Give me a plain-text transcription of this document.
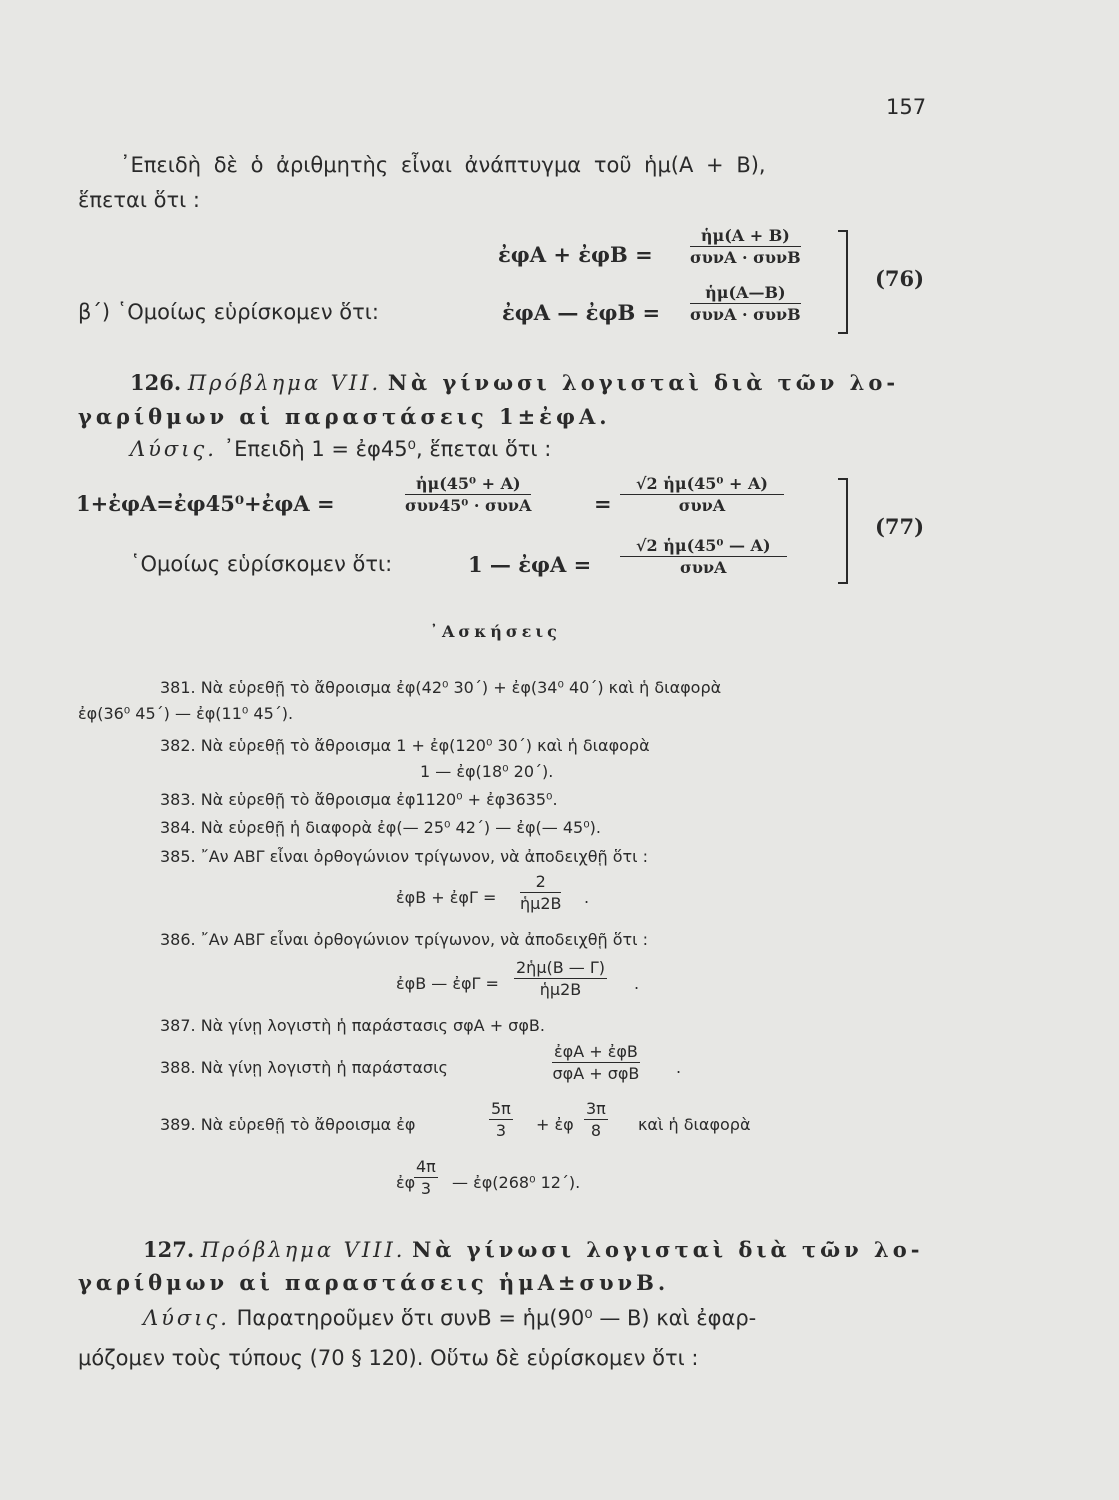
157
᾿Επειδὴ δὲ ὁ ἀριθμητὴς εἶναι ἀνάπτυγμα τοῦ ἡμ(Α + Β),
ἕπεται ὅτι :
ἐφΑ + ἐφΒ =
ἡμ(Α + Β)
συνΑ · συνΒ
β΄) ῾Ομοίως εὑρίσκομεν ὅτι:	ἐφΑ — ἐφΒ =
ἡμ(Α—Β)
συνΑ · συνΒ
(76)
126. Πρόβλημα VII. Νὰ γίνωσι λογισταὶ διὰ τῶν λο-
γαρίθμων αἱ παραστάσεις 1±ἐφΑ.
Λύσις. ᾿Επειδὴ 1 = ἐφ45⁰, ἕπεται ὅτι :
1+ἐφΑ=ἐφ45⁰+ἐφΑ =
ἡμ(45⁰ + Α)
συν45⁰ · συνΑ	=
√2 ἡμ(45⁰ + Α)
συνΑ
῾Ομοίως εὑρίσκομεν ὅτι:	1 — ἐφΑ =
√2 ἡμ(45⁰ — Α)
συνΑ
(77)
᾿Ασκήσεις
381. Νὰ εὑρεθῇ τὸ ἄθροισμα ἐφ(42⁰ 30΄) + ἐφ(34⁰ 40΄) καὶ ἡ διαφορὰ
ἐφ(36⁰ 45΄) — ἐφ(11⁰ 45΄).
382. Νὰ εὑρεθῇ τὸ ἄθροισμα 1 + ἐφ(120⁰ 30΄) καὶ ἡ διαφορὰ
1 — ἐφ(18⁰ 20΄).
383. Νὰ εὑρεθῇ τὸ ἄθροισμα ἐφ1120⁰ + ἐφ3635⁰.
384. Νὰ εὑρεθῇ ἡ διαφορὰ ἐφ(— 25⁰ 42΄) — ἐφ(— 45⁰).
385. ῎Αν ΑΒΓ εἶναι ὀρθογώνιον τρίγωνον, νὰ ἀποδειχθῇ ὅτι :
ἐφΒ + ἐφΓ = $\frac{2}{\text{ἡμ2Β}}$ .
386. ῎Αν ΑΒΓ εἶναι ὀρθογώνιον τρίγωνον, νὰ ἀποδειχθῇ ὅτι :
ἐφΒ — ἐφΓ = $\frac{\text{2ἡμ(Β — Γ)}}{\text{ἡμ2Β}}$ .
387. Νὰ γίνῃ λογιστὴ ἡ παράστασις σφΑ + σφΒ.
388. Νὰ γίνῃ λογιστὴ ἡ παράστασις
ἐφΑ + ἐφΒ
σφΑ + σφΒ .
389. Νὰ εὑρεθῇ τὸ ἄθροισμα ἐφ	$\frac{5\pi}{3}$ + ἐφ $\frac{3\pi}{8}$ καὶ ἡ διαφορὰ
ἐφ
$\frac{4\pi}{3}$ — ἐφ(268⁰ 12΄).
127. Πρόβλημα VIII. Νὰ γίνωσι λογισταὶ διὰ τῶν λο-
γαρίθμων αἱ παραστάσεις ἡμΑ±συνΒ.
Λύσις. Παρατηροῦμεν ὅτι συνΒ = ἡμ(90⁰ — Β) καὶ ἐφαρ-
μόζομεν τοὺς τύπους (70 § 120). Οὕτω δὲ εὑρίσκομεν ὅτι :
